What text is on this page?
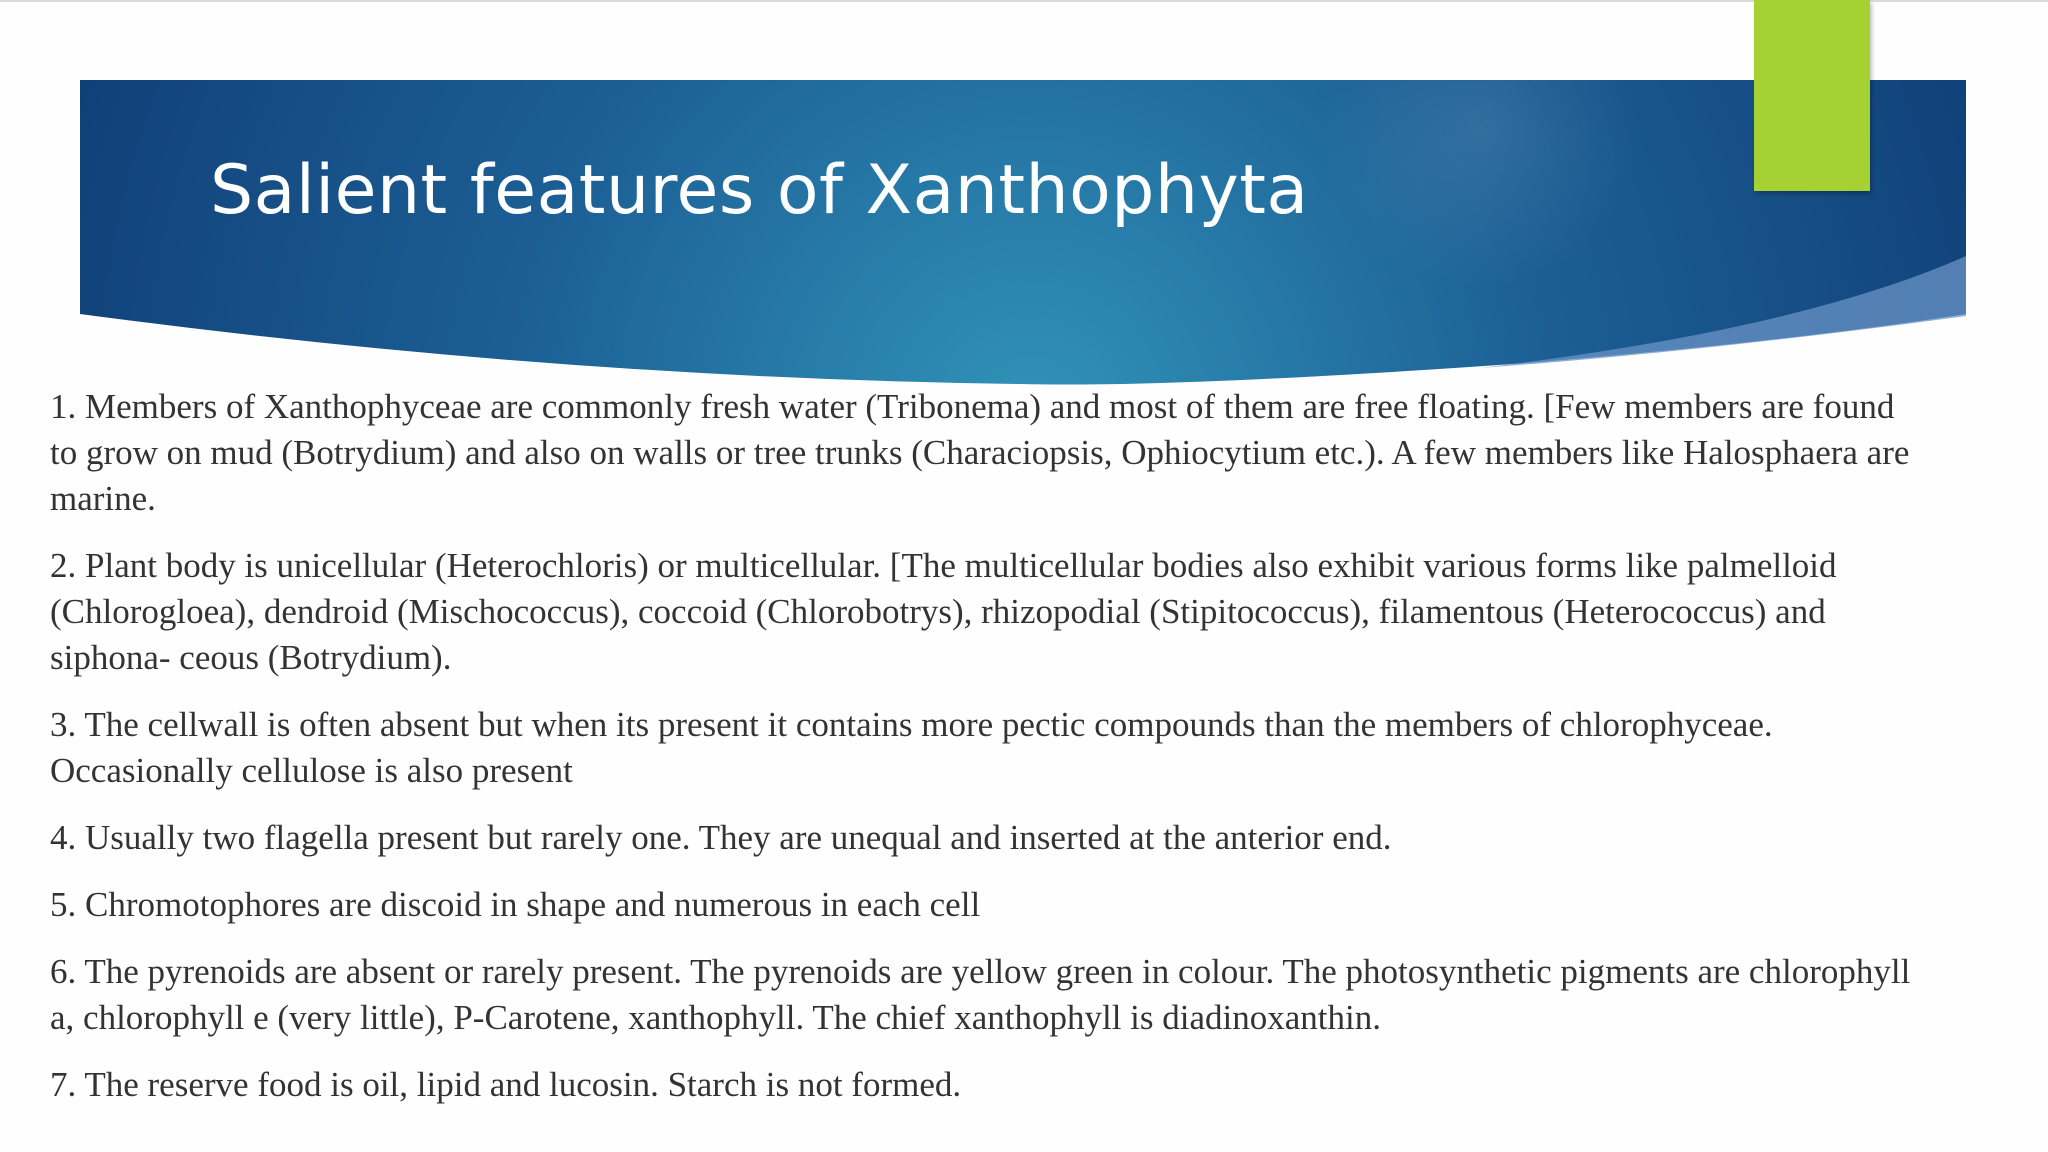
Salient features of Xanthophyta

1. Members of Xanthophyceae are commonly fresh water (Tribonema) and most of them are free floating. [Few members are found to grow on mud (Botrydium) and also on walls or tree trunks (Characiopsis, Ophiocytium etc.). A few members like Halosphaera are marine.

2. Plant body is unicellular (Heterochloris) or multicellular. [The multicellular bodies also exhibit various forms like palmelloid (Chlorogloea), dendroid (Mischococcus), coccoid (Chlorobotrys), rhizopodial (Stipitococcus), filamentous (Heterococcus) and siphona- ceous (Botrydium).

3. The cellwall is often absent but when its present it contains more pectic compounds than the members of chlorophyceae. Occasionally cellulose is also present

4. Usually two flagella present but rarely one. They are unequal and inserted at the anterior end.

5. Chromotophores are discoid in shape and numerous in each cell

6. The pyrenoids are absent or rarely present. The pyrenoids are yellow green in colour. The photosynthetic pigments are chlorophyll a, chlorophyll e (very little), P-Carotene, xanthophyll. The chief xanthophyll is diadinoxanthin.

7. The reserve food is oil, lipid and lucosin. Starch is not formed.
